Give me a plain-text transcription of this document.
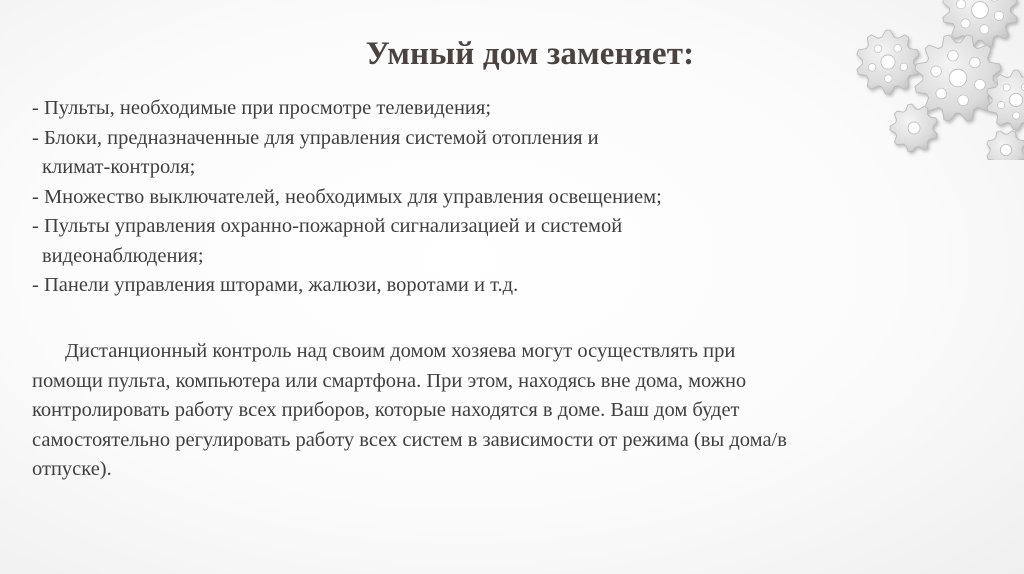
Умный дом заменяет:
- Пульты, необходимые при просмотре телевидения;
- Блоки, предназначенные для управления системой отопления и
климат-контроля;
- Множество выключателей, необходимых для управления освещением;
- Пульты управления охранно-пожарной сигнализацией и системой
видеонаблюдения;
- Панели управления шторами, жалюзи, воротами и т.д.

Дистанционный контроль над своим домом хозяева могут осуществлять при помощи пульта, компьютера или смартфона. При этом, находясь вне дома, можно контролировать работу всех приборов, которые находятся в доме. Ваш дом будет самостоятельно регулировать работу всех систем в зависимости от режима (вы дома/в отпуске).
